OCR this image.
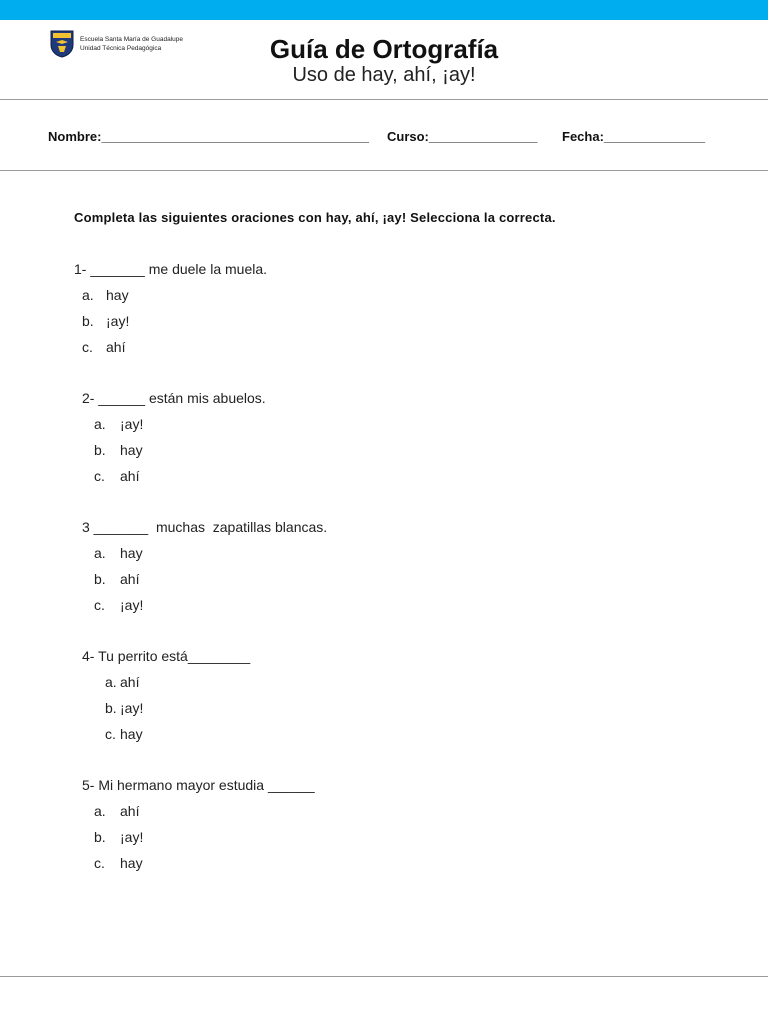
Escuela Santa María de Guadalupe
Unidad Técnica Pedagógica	Guía de Ortografía
Uso de hay, ahí, ¡ay!
Nombre:_____________________________________ Curso:_______________ Fecha:______________
Completa las siguientes oraciones con hay, ahí, ¡ay! Selecciona la correcta.
1- _______ me duele la muela.
a. hay
b. ¡ay!
c. ahí
2- ______ están mis abuelos.
a. ¡ay!
b. hay
c. ahí
3 _______  muchas  zapatillas blancas.
a. hay
b. ahí
c. ¡ay!
4- Tu perrito está________
a. ahí
b. ¡ay!
c. hay
5- Mi hermano mayor estudia ______
a. ahí
b. ¡ay!
c. hay
